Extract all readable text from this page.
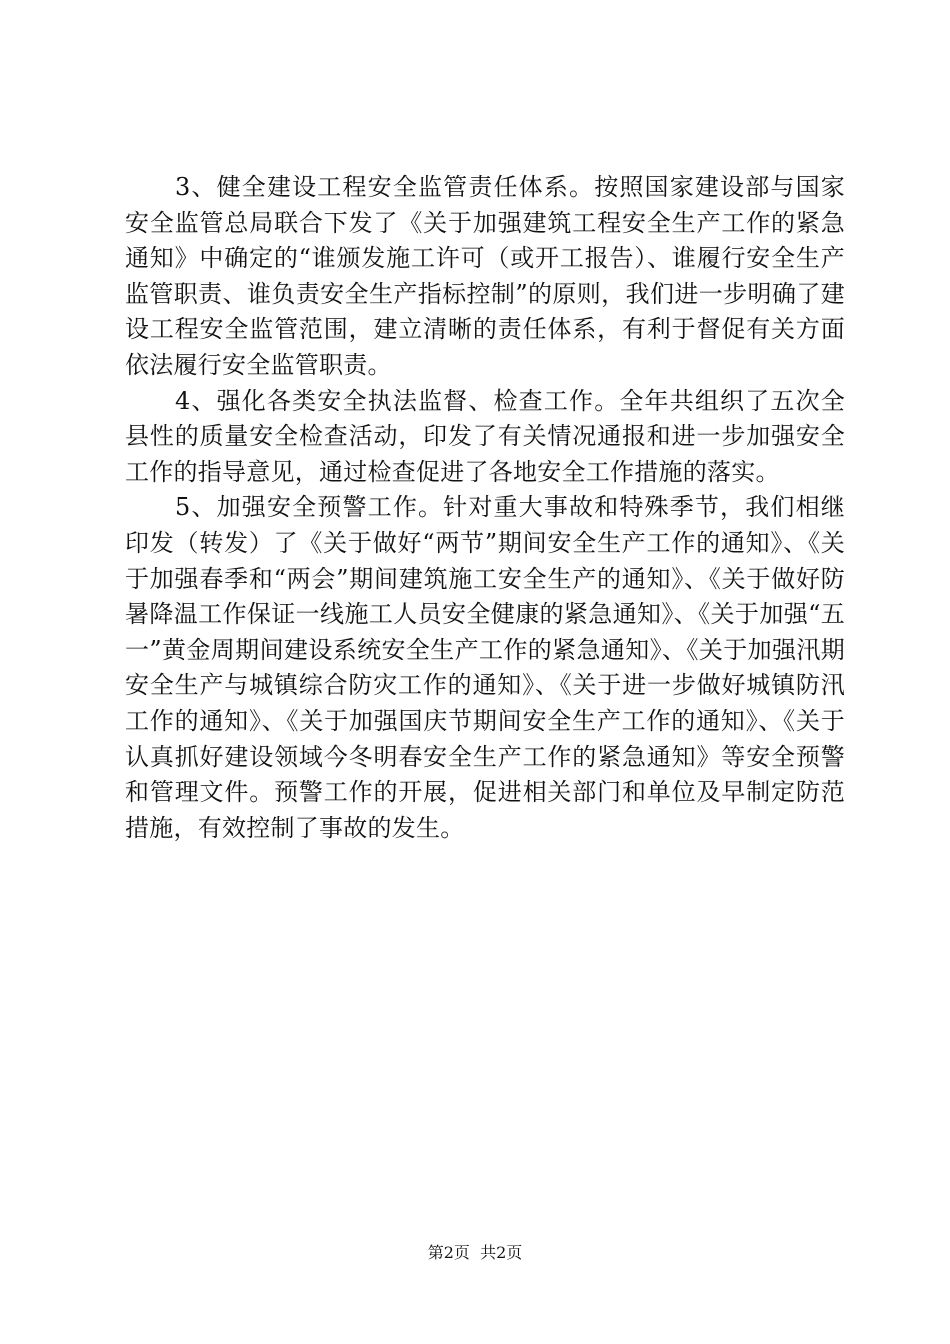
3、健全建设工程安全监管责任体系。按照国家建设部与国家安全监管总局联合下发了《关于加强建筑工程安全生产工作的紧急通知》中确定的“谁颁发施工许可（或开工报告）、谁履行安全生产监管职责、谁负责安全生产指标控制”的原则，我们进一步明确了建设工程安全监管范围，建立清晰的责任体系，有利于督促有关方面依法履行安全监管职责。

4、强化各类安全执法监督、检查工作。全年共组织了五次全县性的质量安全检查活动，印发了有关情况通报和进一步加强安全工作的指导意见，通过检查促进了各地安全工作措施的落实。

5、加强安全预警工作。针对重大事故和特殊季节，我们相继印发（转发）了《关于做好“两节”期间安全生产工作的通知》、《关于加强春季和“两会”期间建筑施工安全生产的通知》、《关于做好防暑降温工作保证一线施工人员安全健康的紧急通知》、《关于加强“五一”黄金周期间建设系统安全生产工作的紧急通知》、《关于加强汛期安全生产与城镇综合防灾工作的通知》、《关于进一步做好城镇防汛工作的通知》、《关于加强国庆节期间安全生产工作的通知》、《关于认真抓好建设领域今冬明春安全生产工作的紧急通知》等安全预警和管理文件。预警工作的开展，促进相关部门和单位及早制定防范措施，有效控制了事故的发生。

第2页 共2页
